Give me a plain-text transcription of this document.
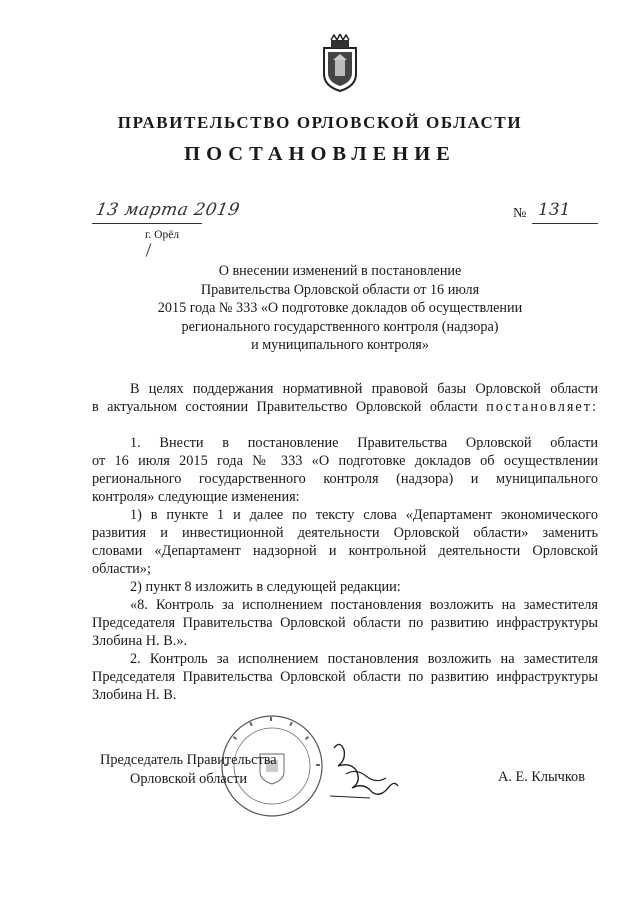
ПРАВИТЕЛЬСТВО ОРЛОВСКОЙ ОБЛАСТИ
ПОСТАНОВЛЕНИЕ
13 марта 2019	№ 131
г. Орёл
О внесении изменений в постановление
Правительства Орловской области от 16 июля
2015 года № 333 «О подготовке докладов об осуществлении
регионального государственного контроля (надзора)
и муниципального контроля»
В целях поддержания нормативной правовой базы Орловской области
в актуальном состоянии Правительство Орловской области постановляет:
1. Внести в постановление Правительства Орловской области
от 16 июля 2015 года № 333 «О подготовке докладов об осуществлении
регионального государственного контроля (надзора) и муниципального
контроля» следующие изменения:
1) в пункте 1 и далее по тексту слова «Департамент экономического
развития и инвестиционной деятельности Орловской области» заменить
словами «Департамент надзорной и контрольной деятельности Орловской
области»;
2) пункт 8 изложить в следующей редакции:
«8. Контроль за исполнением постановления возложить на заместителя
Председателя Правительства Орловской области по развитию инфраструктуры
Злобина Н. В.».
2. Контроль за исполнением постановления возложить на заместителя
Председателя Правительства Орловской области по развитию инфраструктуры
Злобина Н. В.
Председатель Правительства
Орловской области	А. Е. Клычков
